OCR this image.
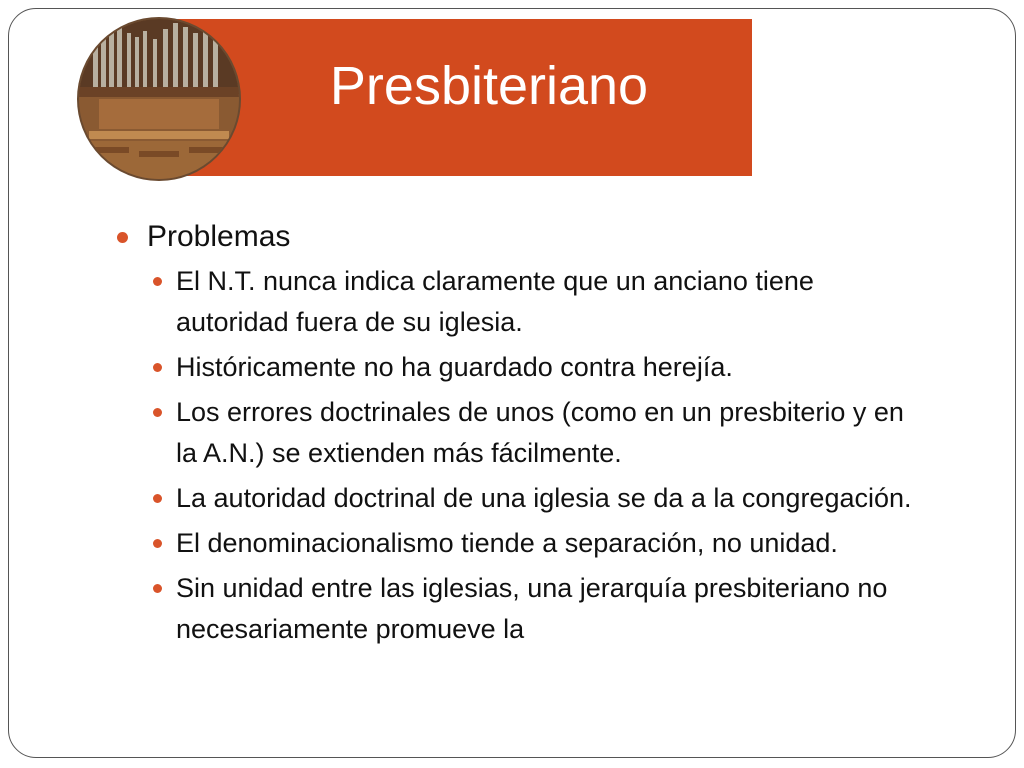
Presbiteriano
Problemas
El N.T. nunca indica claramente que un anciano tiene autoridad fuera de su iglesia.
Históricamente no ha guardado contra herejía.
Los errores doctrinales de unos (como en un presbiterio y en la A.N.) se extienden más fácilmente.
La autoridad doctrinal de una iglesia se da a la congregación.
El denominacionalismo tiende a separación, no unidad.
Sin unidad entre las iglesias, una jerarquía presbiteriano no necesariamente promueve la
